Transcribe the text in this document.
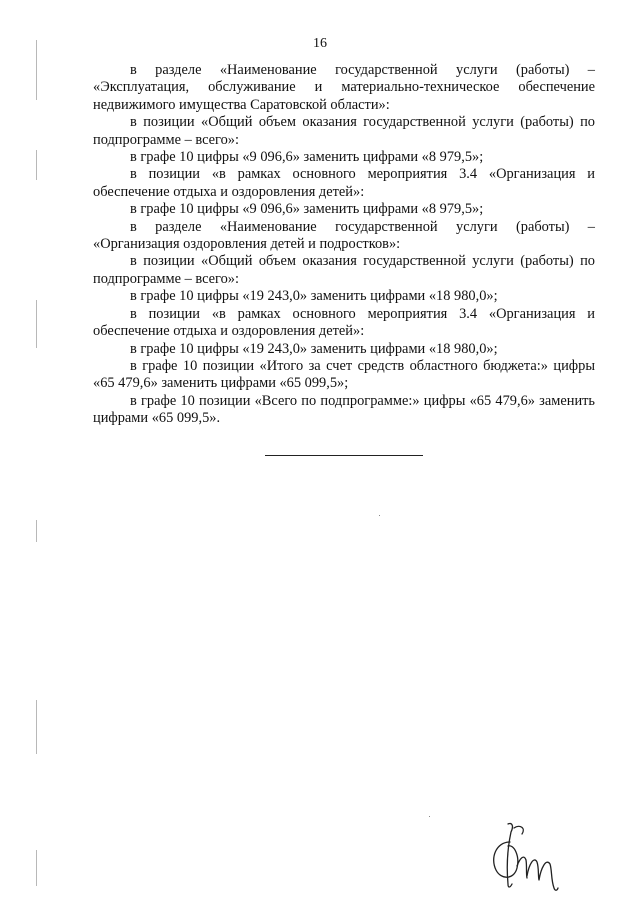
16

в разделе «Наименование государственной услуги (работы) – «Эксплуатация, обслуживание и материально-техническое обеспечение недвижимого имущества Саратовской области»:

в позиции «Общий объем оказания государственной услуги (работы) по подпрограмме – всего»:

в графе 10 цифры «9 096,6» заменить цифрами «8 979,5»;

в позиции «в рамках основного мероприятия 3.4 «Организация и обеспечение отдыха и оздоровления детей»:

в графе 10 цифры «9 096,6» заменить цифрами «8 979,5»;

в разделе «Наименование государственной услуги (работы) – «Организация оздоровления детей и подростков»:

в позиции «Общий объем оказания государственной услуги (работы) по подпрограмме – всего»:

в графе 10 цифры «19 243,0» заменить цифрами «18 980,0»;

в позиции «в рамках основного мероприятия 3.4 «Организация и обеспечение отдыха и оздоровления детей»:

в графе 10 цифры «19 243,0» заменить цифрами «18 980,0»;

в графе 10 позиции «Итого за счет средств областного бюджета:» цифры «65 479,6» заменить цифрами «65 099,5»;

в графе 10 позиции «Всего по подпрограмме:» цифры «65 479,6» заменить цифрами «65 099,5».
